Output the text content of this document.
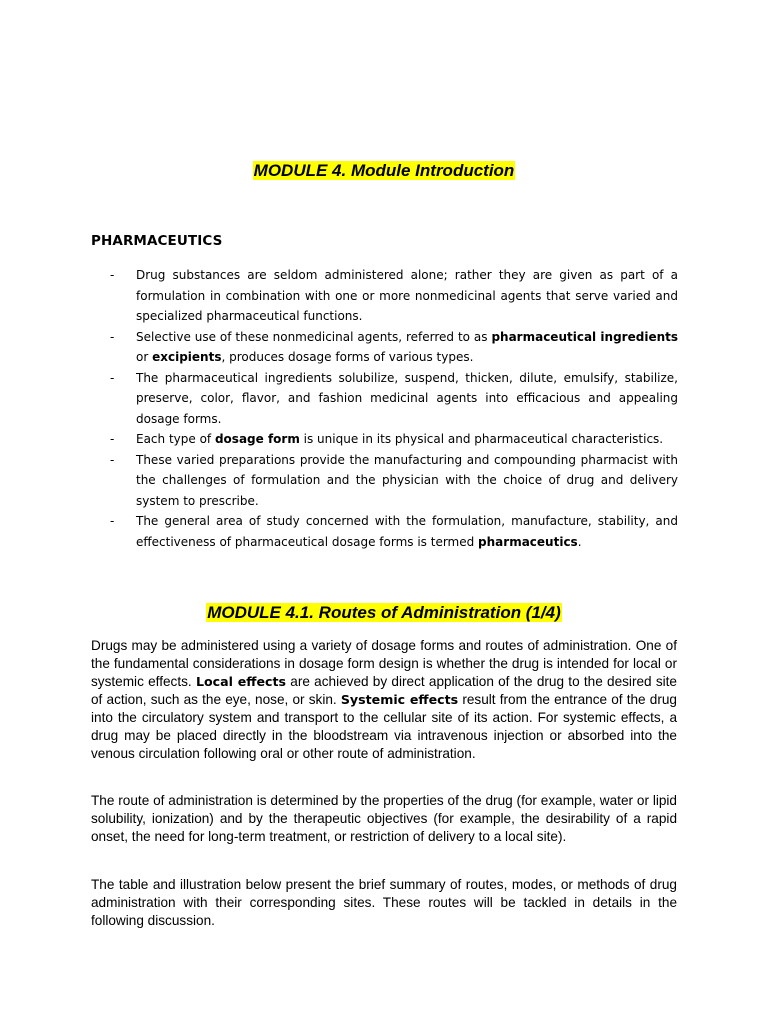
MODULE 4. Module Introduction
PHARMACEUTICS
- Drug substances are seldom administered alone; rather they are given as part of a formulation in combination with one or more nonmedicinal agents that serve varied and specialized pharmaceutical functions.
- Selective use of these nonmedicinal agents, referred to as pharmaceutical ingredients or excipients, produces dosage forms of various types.
- The pharmaceutical ingredients solubilize, suspend, thicken, dilute, emulsify, stabilize, preserve, color, flavor, and fashion medicinal agents into efficacious and appealing dosage forms.
- Each type of dosage form is unique in its physical and pharmaceutical characteristics.
- These varied preparations provide the manufacturing and compounding pharmacist with the challenges of formulation and the physician with the choice of drug and delivery system to prescribe.
- The general area of study concerned with the formulation, manufacture, stability, and effectiveness of pharmaceutical dosage forms is termed pharmaceutics.
MODULE 4.1. Routes of Administration (1/4)

Drugs may be administered using a variety of dosage forms and routes of administration. One of the fundamental considerations in dosage form design is whether the drug is intended for local or systemic effects. Local effects are achieved by direct application of the drug to the desired site of action, such as the eye, nose, or skin. Systemic effects result from the entrance of the drug into the circulatory system and transport to the cellular site of its action. For systemic effects, a drug may be placed directly in the bloodstream via intravenous injection or absorbed into the venous circulation following oral or other route of administration.

The route of administration is determined by the properties of the drug (for example, water or lipid solubility, ionization) and by the therapeutic objectives (for example, the desirability of a rapid onset, the need for long-term treatment, or restriction of delivery to a local site).

The table and illustration below present the brief summary of routes, modes, or methods of drug administration with their corresponding sites. These routes will be tackled in details in the following discussion.
